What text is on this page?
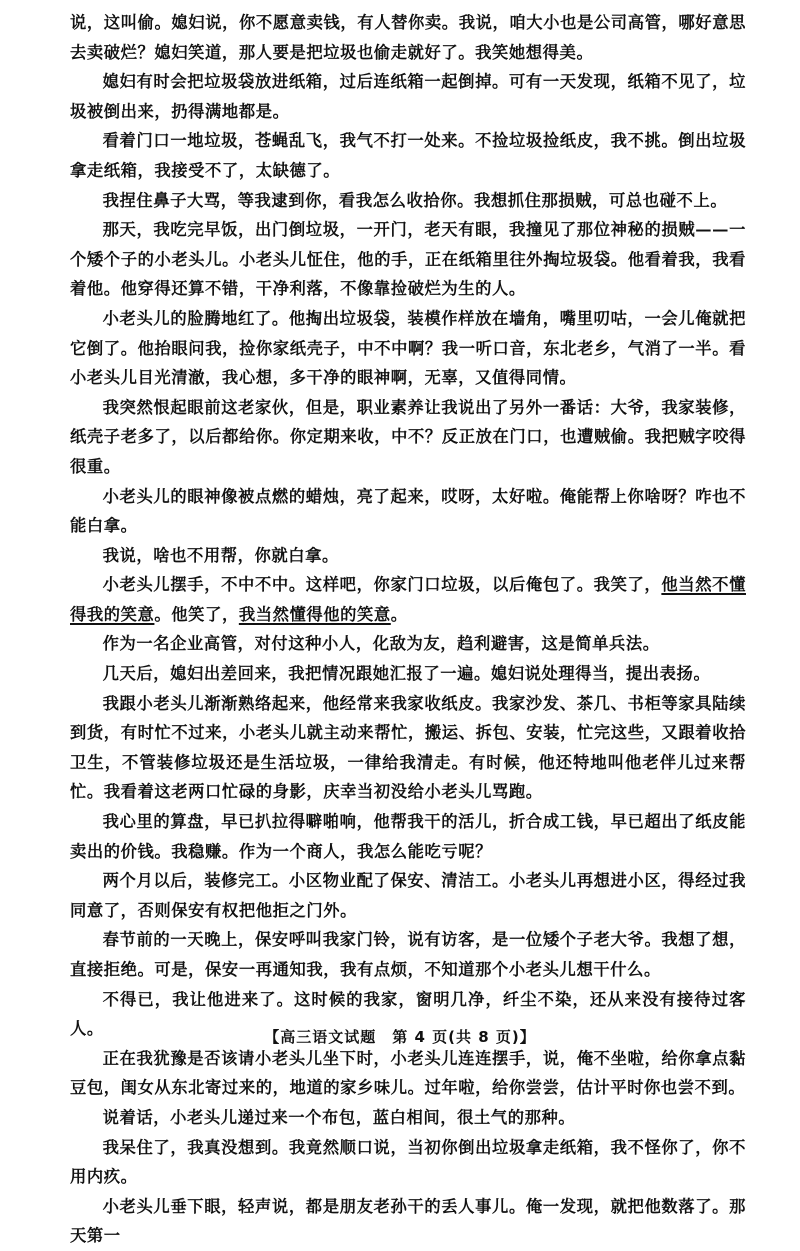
说，这叫偷。媳妇说，你不愿意卖钱，有人替你卖。我说，咱大小也是公司高管，哪好意思去卖破烂？媳妇笑道，那人要是把垃圾也偷走就好了。我笑她想得美。

媳妇有时会把垃圾袋放进纸箱，过后连纸箱一起倒掉。可有一天发现，纸箱不见了，垃圾被倒出来，扔得满地都是。

看着门口一地垃圾，苍蝇乱飞，我气不打一处来。不捡垃圾捡纸皮，我不挑。倒出垃圾拿走纸箱，我接受不了，太缺德了。

我捏住鼻子大骂，等我逮到你，看我怎么收拾你。我想抓住那损贼，可总也碰不上。

那天，我吃完早饭，出门倒垃圾，一开门，老天有眼，我撞见了那位神秘的损贼——一个矮个子的小老头儿。小老头儿怔住，他的手，正在纸箱里往外掏垃圾袋。他看着我，我看着他。他穿得还算不错，干净利落，不像靠捡破烂为生的人。

小老头儿的脸腾地红了。他掏出垃圾袋，装模作样放在墙角，嘴里叨咕，一会儿俺就把它倒了。他抬眼问我，捡你家纸壳子，中不中啊？我一听口音，东北老乡，气消了一半。看小老头儿目光清澈，我心想，多干净的眼神啊，无辜，又值得同情。

我突然恨起眼前这老家伙，但是，职业素养让我说出了另外一番话：大爷，我家装修，纸壳子老多了，以后都给你。你定期来收，中不？反正放在门口，也遭贼偷。我把贼字咬得很重。

小老头儿的眼神像被点燃的蜡烛，亮了起来，哎呀，太好啦。俺能帮上你啥呀？咋也不能白拿。

我说，啥也不用帮，你就白拿。

小老头儿摆手，不中不中。这样吧，你家门口垃圾，以后俺包了。我笑了，他当然不懂得我的笑意。他笑了，我当然懂得他的笑意。

作为一名企业高管，对付这种小人，化敌为友，趋利避害，这是简单兵法。

几天后，媳妇出差回来，我把情况跟她汇报了一遍。媳妇说处理得当，提出表扬。

我跟小老头儿渐渐熟络起来，他经常来我家收纸皮。我家沙发、茶几、书柜等家具陆续到货，有时忙不过来，小老头儿就主动来帮忙，搬运、拆包、安装，忙完这些，又跟着收拾卫生，不管装修垃圾还是生活垃圾，一律给我清走。有时候，他还特地叫他老伴儿过来帮忙。我看着这老两口忙碌的身影，庆幸当初没给小老头儿骂跑。

我心里的算盘，早已扒拉得噼啪响，他帮我干的活儿，折合成工钱，早已超出了纸皮能卖出的价钱。我稳赚。作为一个商人，我怎么能吃亏呢？

两个月以后，装修完工。小区物业配了保安、清洁工。小老头儿再想进小区，得经过我同意了，否则保安有权把他拒之门外。

春节前的一天晚上，保安呼叫我家门铃，说有访客，是一位矮个子老大爷。我想了想，直接拒绝。可是，保安一再通知我，我有点烦，不知道那个小老头儿想干什么。

不得已，我让他进来了。这时候的我家，窗明几净，纤尘不染，还从来没有接待过客人。

正在我犹豫是否该请小老头儿坐下时，小老头儿连连摆手，说，俺不坐啦，给你拿点黏豆包，闺女从东北寄过来的，地道的家乡味儿。过年啦，给你尝尝，估计平时你也尝不到。

说着话，小老头儿递过来一个布包，蓝白相间，很土气的那种。

我呆住了，我真没想到。我竟然顺口说，当初你倒出垃圾拿走纸箱，我不怪你了，你不用内疚。

小老头儿垂下眼，轻声说，都是朋友老孙干的丢人事儿。俺一发现，就把他数落了。那天第一

【高三语文试题　第 4 页(共 8 页)】
